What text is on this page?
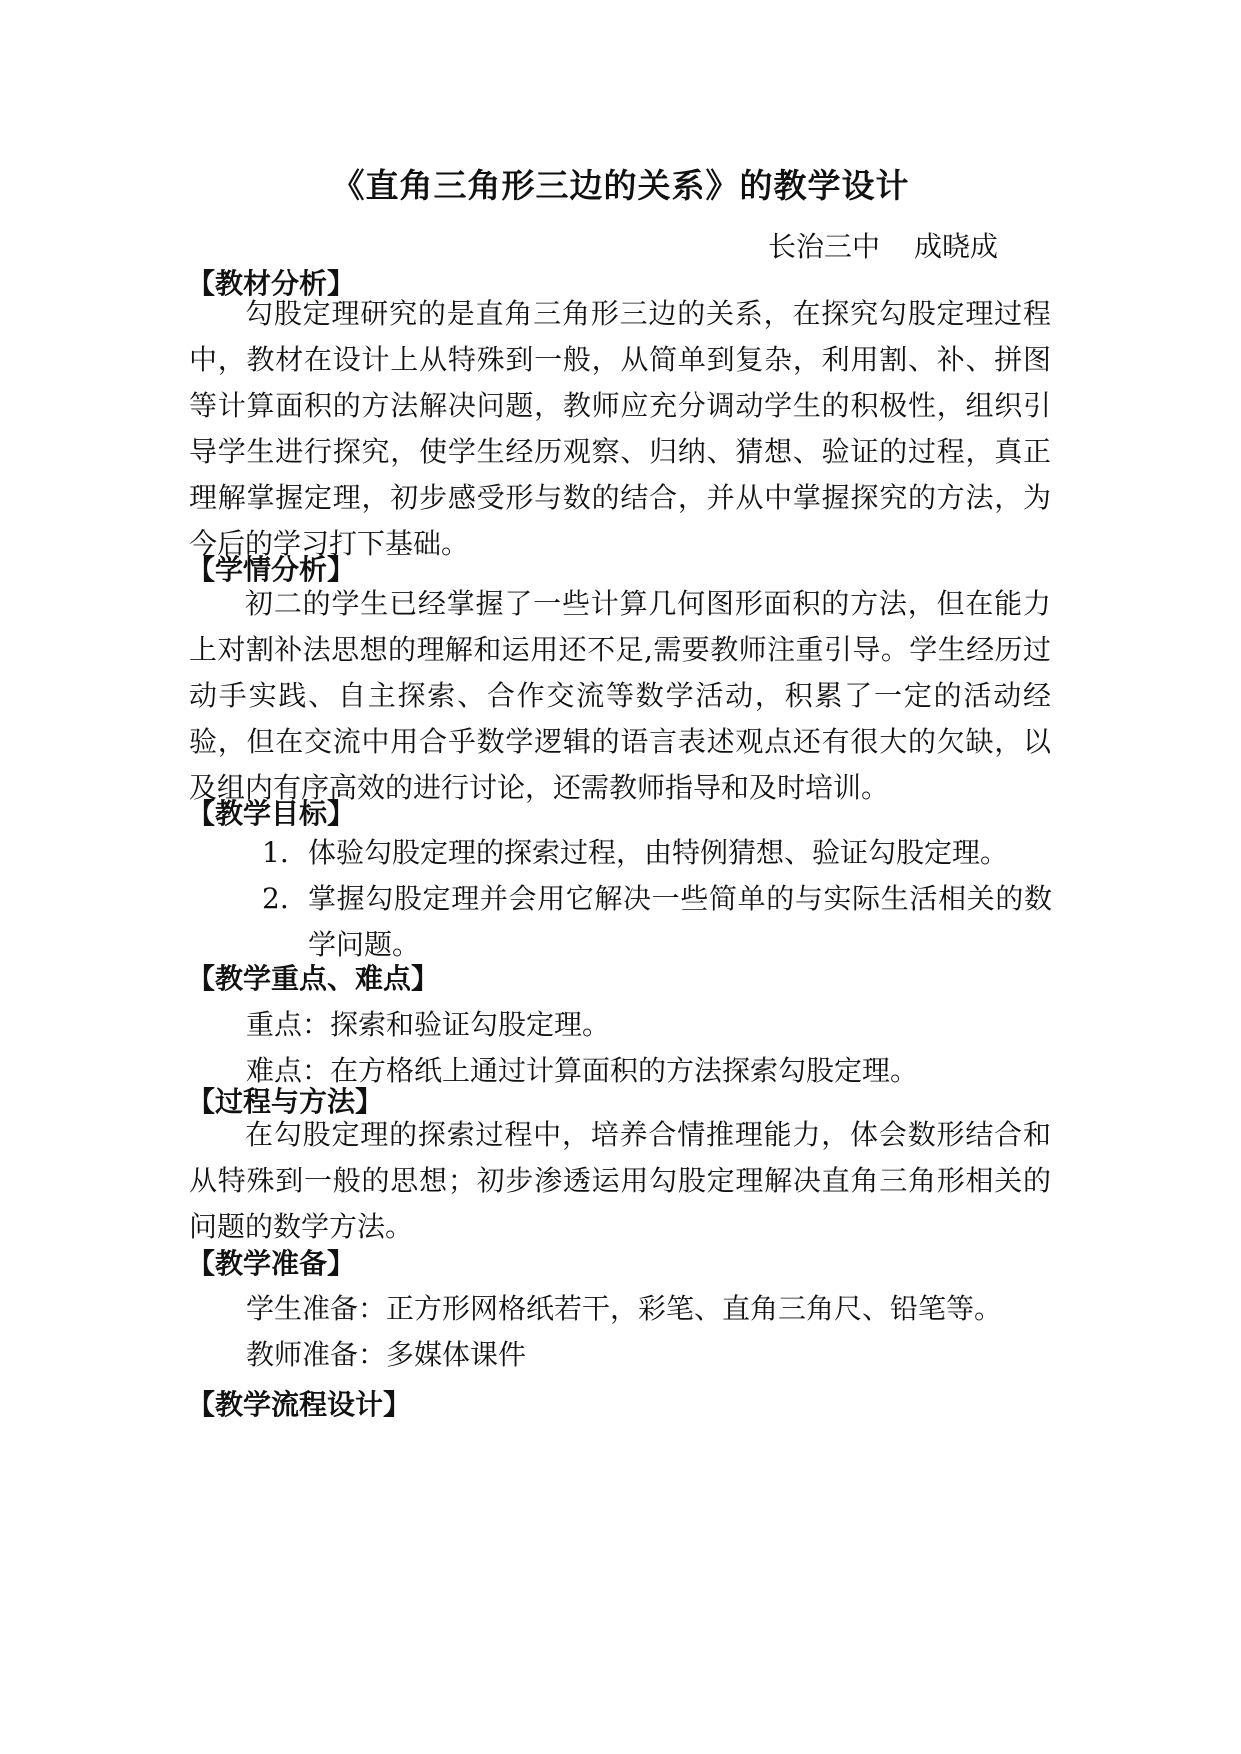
《直角三角形三边的关系》的教学设计
长治三中 成晓成
【教材分析】
勾股定理研究的是直角三角形三边的关系，在探究勾股定理过程中，教材在设计上从特殊到一般，从简单到复杂，利用割、补、拼图等计算面积的方法解决问题，教师应充分调动学生的积极性，组织引导学生进行探究，使学生经历观察、归纳、猜想、验证的过程，真正理解掌握定理，初步感受形与数的结合，并从中掌握探究的方法，为今后的学习打下基础。
【学情分析】
初二的学生已经掌握了一些计算几何图形面积的方法，但在能力上对割补法思想的理解和运用还不足,需要教师注重引导。学生经历过动手实践、自主探索、合作交流等数学活动，积累了一定的活动经验，但在交流中用合乎数学逻辑的语言表述观点还有很大的欠缺，以及组内有序高效的进行讨论，还需教师指导和及时培训。
【教学目标】
1. 体验勾股定理的探索过程，由特例猜想、验证勾股定理。
2. 掌握勾股定理并会用它解决一些简单的与实际生活相关的数学问题。
【教学重点、难点】
重点：探索和验证勾股定理。
难点：在方格纸上通过计算面积的方法探索勾股定理。
【过程与方法】
在勾股定理的探索过程中，培养合情推理能力，体会数形结合和从特殊到一般的思想；初步渗透运用勾股定理解决直角三角形相关的问题的数学方法。
【教学准备】
学生准备：正方形网格纸若干，彩笔、直角三角尺、铅笔等。
教师准备：多媒体课件
【教学流程设计】
